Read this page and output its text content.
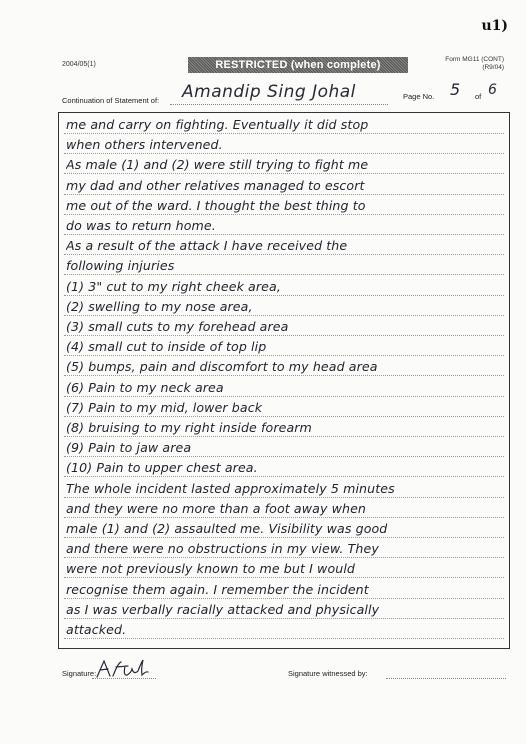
u1)
2004/05(1)	RESTRICTED (when complete)	Form MG11 (CONT)
(R9/04)
Continuation of Statement of: Amandip Sing Johal	Page No. 5 of 6
me and carry on fighting. Eventually it did stop
when others intervened.
As male (1) and (2) were still trying to fight me
my dad and other relatives managed to escort
me out of the ward. I thought the best thing to
do was to return home.
As a result of the attack I have received the
following injuries
(1) 3" cut to my right cheek area,
(2) swelling to my nose area,
(3) small cuts to my forehead area
(4) small cut to inside of top lip
(5) bumps, pain and discomfort to my head area
(6) Pain to my neck area
(7) Pain to my mid, lower back
(8) bruising to my right inside forearm
(9) Pain to jaw area
(10) Pain to upper chest area.
The whole incident lasted approximately 5 minutes
and they were no more than a foot away when
male (1) and (2) assaulted me. Visibility was good
and there were no obstructions in my view. They
were not previously known to me but I would
recognise them again. I remember the incident
as I was verbally racially attacked and physically
attacked.
Signature:	Signature witnessed by:
